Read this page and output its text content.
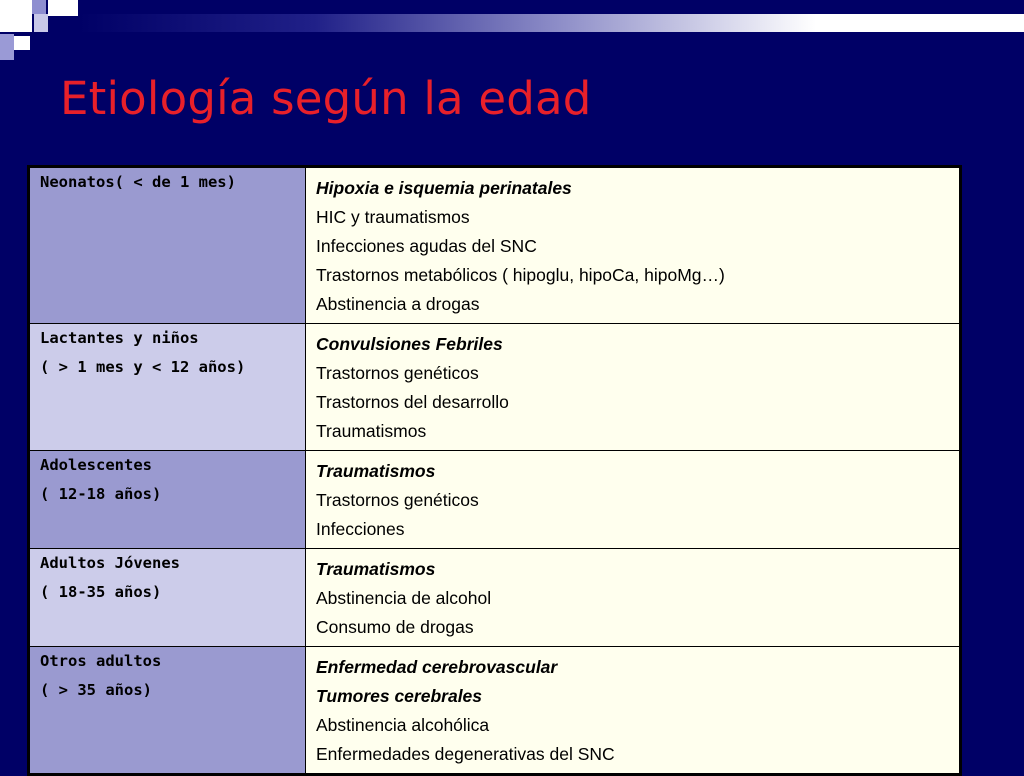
Etiología según la edad
Neonatos( < de 1 mes)	Hipoxia e isquemia perinatales
HIC y traumatismos
Infecciones agudas del SNC
Trastornos metabólicos ( hipoglu, hipoCa, hipoMg…)
Abstinencia a drogas

Lactantes y niños
( > 1 mes y < 12 años)	Convulsiones Febriles
Trastornos genéticos
Trastornos del desarrollo
Traumatismos

Adolescentes
( 12-18 años)	Traumatismos
Trastornos genéticos
Infecciones

Adultos Jóvenes
( 18-35 años)	Traumatismos
Abstinencia de alcohol
Consumo de drogas

Otros adultos
( > 35 años)	Enfermedad cerebrovascular
Tumores cerebrales
Abstinencia alcohólica
Enfermedades degenerativas del SNC
